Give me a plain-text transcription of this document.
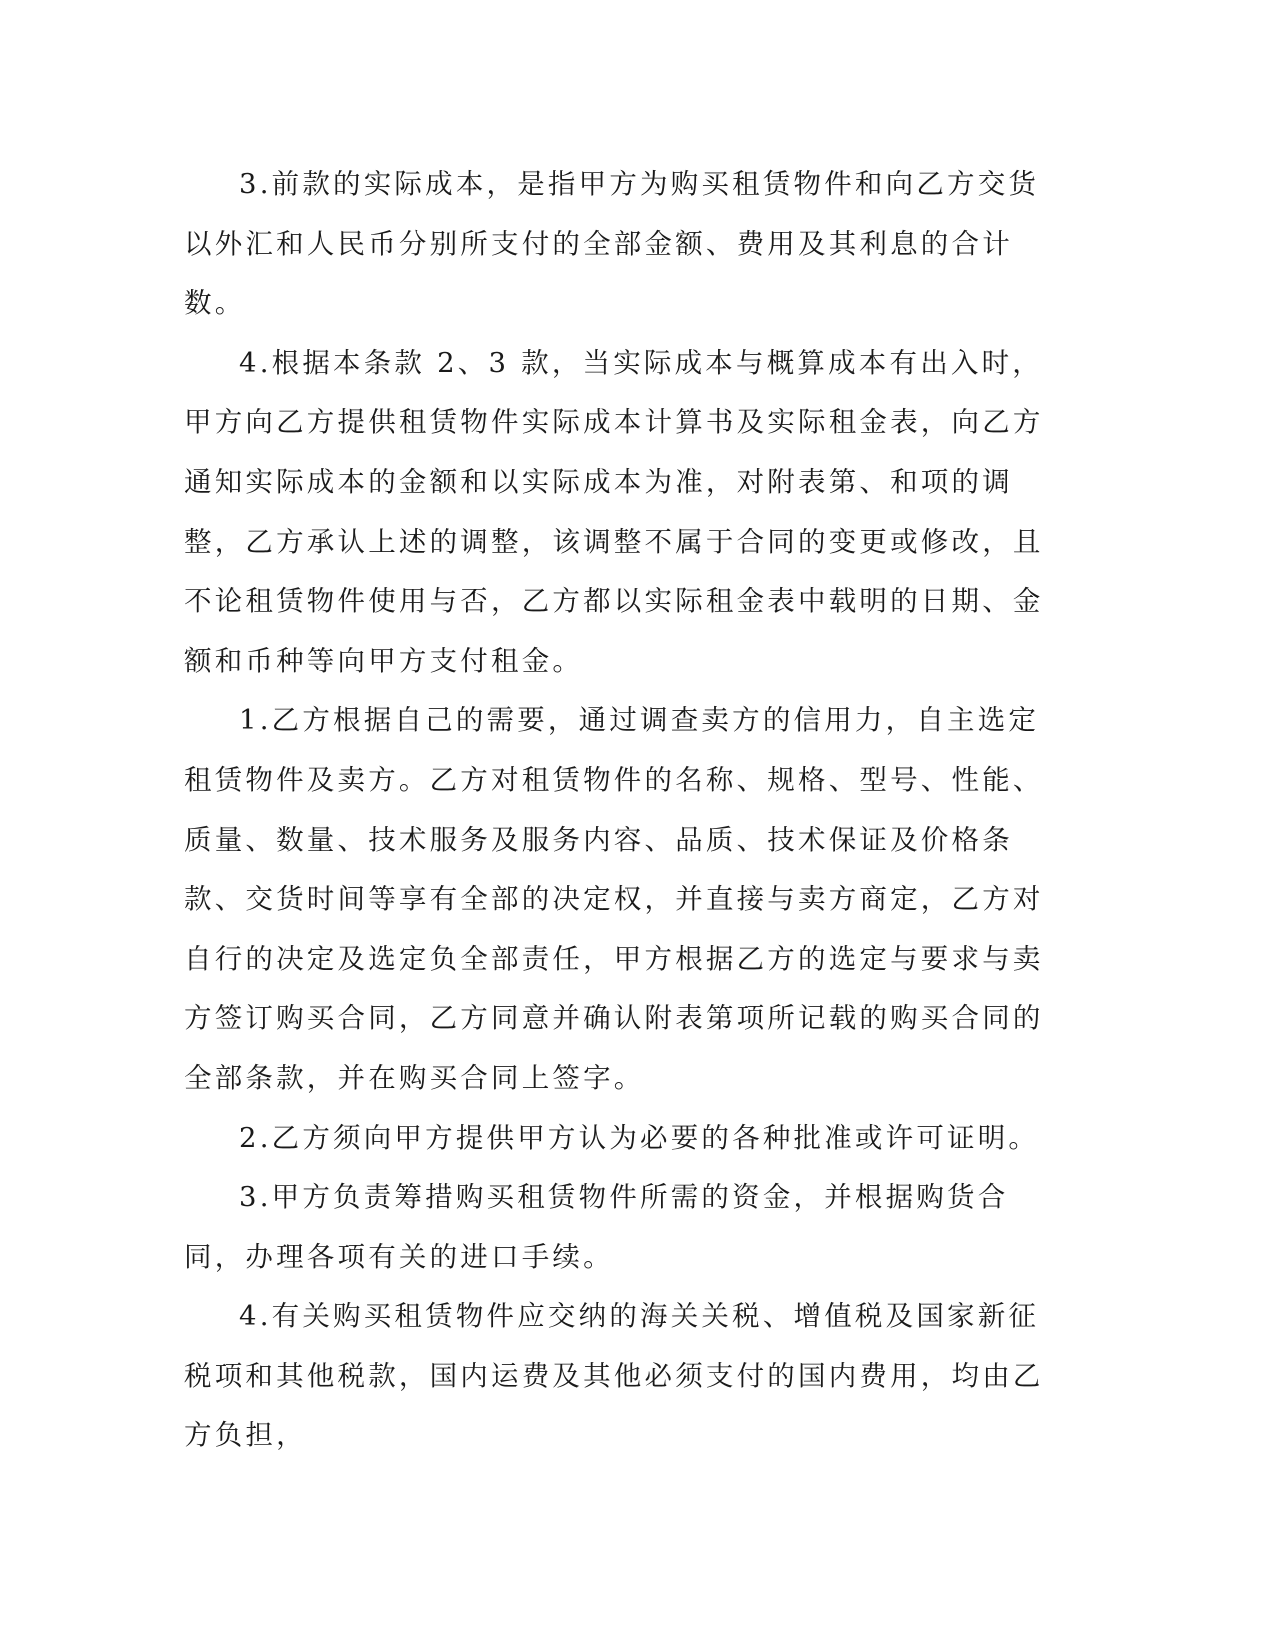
3.前款的实际成本，是指甲方为购买租赁物件和向乙方交货以外汇和人民币分别所支付的全部金额、费用及其利息的合计数。

4.根据本条款 2、3 款，当实际成本与概算成本有出入时，甲方向乙方提供租赁物件实际成本计算书及实际租金表，向乙方通知实际成本的金额和以实际成本为准，对附表第、和项的调整，乙方承认上述的调整，该调整不属于合同的变更或修改，且不论租赁物件使用与否，乙方都以实际租金表中载明的日期、金额和币种等向甲方支付租金。

1.乙方根据自己的需要，通过调查卖方的信用力，自主选定租赁物件及卖方。乙方对租赁物件的名称、规格、型号、性能、质量、数量、技术服务及服务内容、品质、技术保证及价格条款、交货时间等享有全部的决定权，并直接与卖方商定，乙方对自行的决定及选定负全部责任，甲方根据乙方的选定与要求与卖方签订购买合同，乙方同意并确认附表第项所记载的购买合同的全部条款，并在购买合同上签字。

2.乙方须向甲方提供甲方认为必要的各种批准或许可证明。

3.甲方负责筹措购买租赁物件所需的资金，并根据购货合同，办理各项有关的进口手续。

4.有关购买租赁物件应交纳的海关关税、增值税及国家新征税项和其他税款，国内运费及其他必须支付的国内费用，均由乙方负担，
